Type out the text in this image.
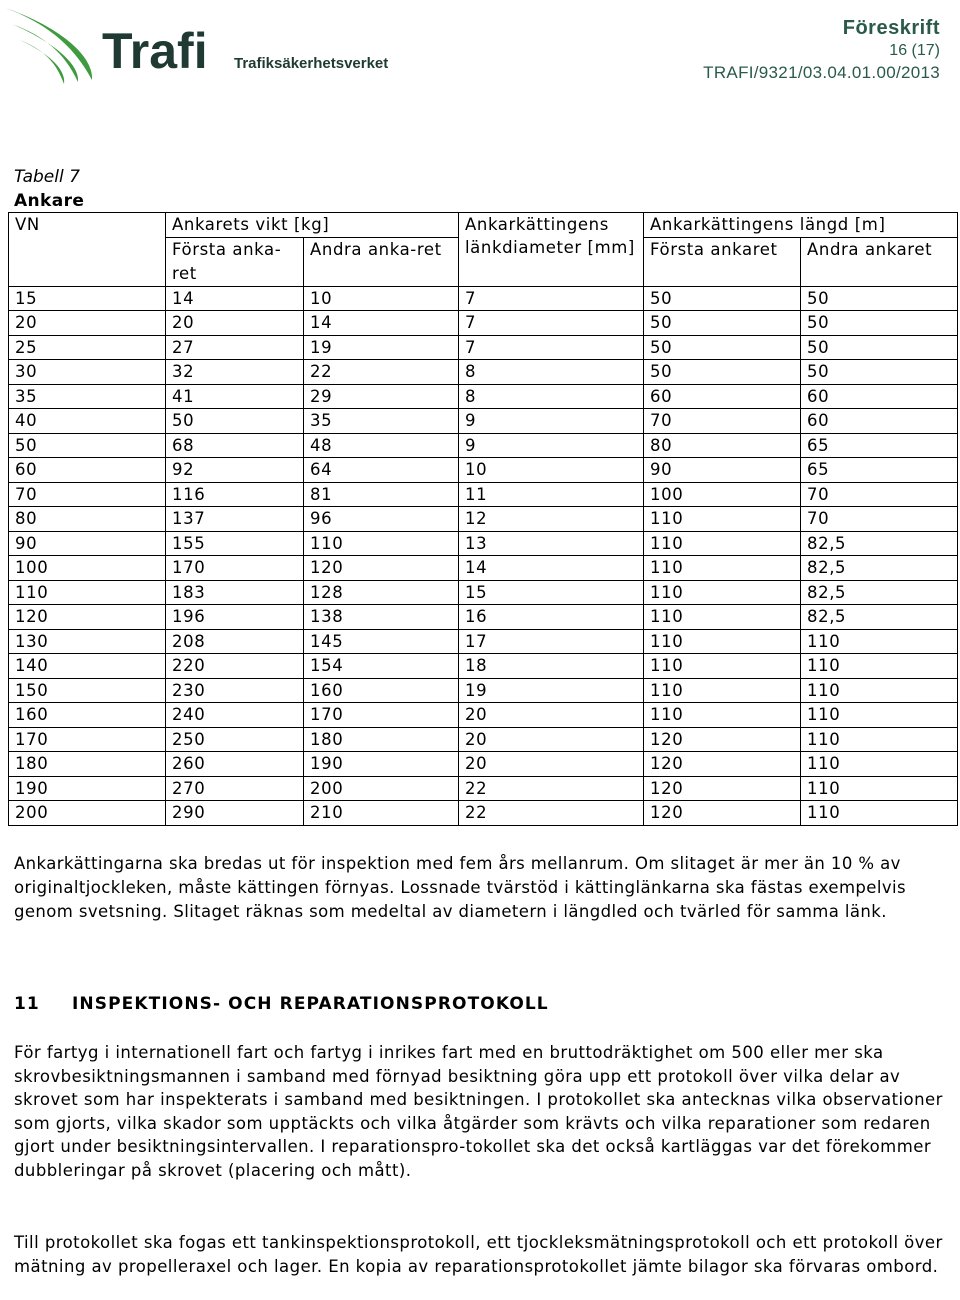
Trafi Trafiksäkerhetsverket
Föreskrift
16 (17)
TRAFI/9321/03.04.01.00/2013
Tabell 7
Ankare
VN	Ankarets vikt [kg]		Ankarkättingens länkdiameter [mm]	Ankarkättingens längd [m]	
	Första anka-ret	Andra anka-ret		Första ankaret	Andra ankaret

15	14	10	7	50	50
20	20	14	7	50	50
25	27	19	7	50	50
30	32	22	8	50	50
35	41	29	8	60	60
40	50	35	9	70	60
50	68	48	9	80	65
60	92	64	10	90	65
70	116	81	11	100	70
80	137	96	12	110	70
90	155	110	13	110	82,5
100	170	120	14	110	82,5
110	183	128	15	110	82,5
120	196	138	16	110	82,5
130	208	145	17	110	110
140	220	154	18	110	110
150	230	160	19	110	110
160	240	170	20	110	110
170	250	180	20	120	110
180	260	190	20	120	110
190	270	200	22	120	110
200	290	210	22	120	110
Ankarkättingarna ska bredas ut för inspektion med fem års mellanrum. Om slitaget är mer än 10 % av originaltjockleken, måste kättingen förnyas. Lossnade tvärstöd i kättinglänkarna ska fästas exempelvis genom svetsning. Slitaget räknas som medeltal av diametern i längdled och tvärled för samma länk.
11 INSPEKTIONS- OCH REPARATIONSPROTOKOLL
För fartyg i internationell fart och fartyg i inrikes fart med en bruttodräktighet om 500 eller mer ska skrovbesiktningsmannen i samband med förnyad besiktning göra upp ett protokoll över vilka delar av skrovet som har inspekterats i samband med besiktningen. I protokollet ska antecknas vilka observationer som gjorts, vilka skador som upptäckts och vilka åtgärder som krävts och vilka reparationer som redaren gjort under besiktningsintervallen. I reparationspro-tokollet ska det också kartläggas var det förekommer dubbleringar på skrovet (placering och mått).
Till protokollet ska fogas ett tankinspektionsprotokoll, ett tjockleksmätningsprotokoll och ett protokoll över mätning av propelleraxel och lager. En kopia av reparationsprotokollet jämte bilagor ska förvaras ombord.
